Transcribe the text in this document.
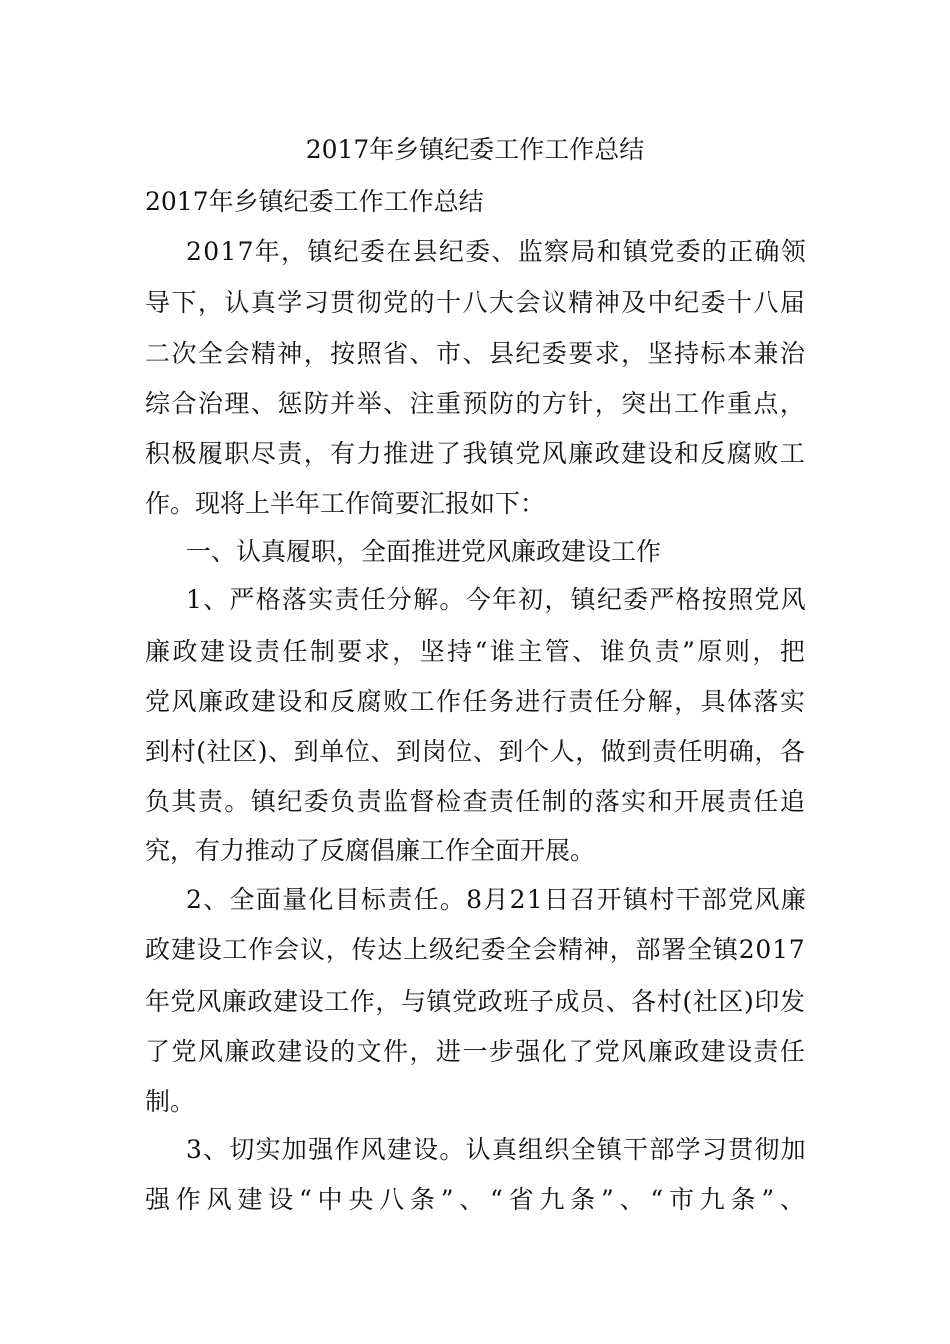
2017年乡镇纪委工作工作总结
2017年乡镇纪委工作工作总结
2 0 1 7 年 ， 镇 纪 委 在 县 纪 委 、 监 察 局 和 镇 党 委 的 正 确 领
导 下 ， 认 真 学 习 贯 彻 党 的 十 八 大 会 议 精 神 及 中 纪 委 十 八 届
二 次 全 会 精 神 ， 按 照 省 、 市 、 县 纪 委 要 求 ， 坚 持 标 本 兼 治
综 合 治 理 、 惩 防 并 举 、 注 重 预 防 的 方 针 ， 突 出 工 作 重 点 ，
积 极 履 职 尽 责 ， 有 力 推 进 了 我 镇 党 风 廉 政 建 设 和 反 腐 败 工
作。现将上半年工作简要汇报如下：
一、认真履职，全面推进党风廉政建设工作
1 、 严 格 落 实 责 任 分 解 。 今 年 初 ， 镇 纪 委 严 格 按 照 党 风
廉 政 建 设 责 任 制 要 求 ， 坚 持 “ 谁 主 管 、 谁 负 责 ” 原 则 ， 把
党 风 廉 政 建 设 和 反 腐 败 工 作 任 务 进 行 责 任 分 解 ， 具 体 落 实
到 村 ( 社 区 ) 、 到 单 位 、 到 岗 位 、 到 个 人 ， 做 到 责 任 明 确 ， 各
负 其 责 。 镇 纪 委 负 责 监 督 检 查 责 任 制 的 落 实 和 开 展 责 任 追
究，有力推动了反腐倡廉工作全面开展。
2 、 全 面 量 化 目 标 责 任 。 8 月 2 1 日 召 开 镇 村 干 部 党 风 廉
政 建 设 工 作 会 议 ， 传 达 上 级 纪 委 全 会 精 神 ， 部 署 全 镇 2 0 1 7
年 党 风 廉 政 建 设 工 作 ， 与 镇 党 政 班 子 成 员 、 各 村 ( 社 区 ) 印 发
了 党 风 廉 政 建 设 的 文 件 ， 进 一 步 强 化 了 党 风 廉 政 建 设 责 任
制。
3 、 切 实 加 强 作 风 建 设 。 认 真 组 织 全 镇 干 部 学 习 贯 彻 加
强 作 风 建 设 “ 中 央 八 条 ” 、 “ 省 九 条 ” 、 “ 市 九 条 ” 、
